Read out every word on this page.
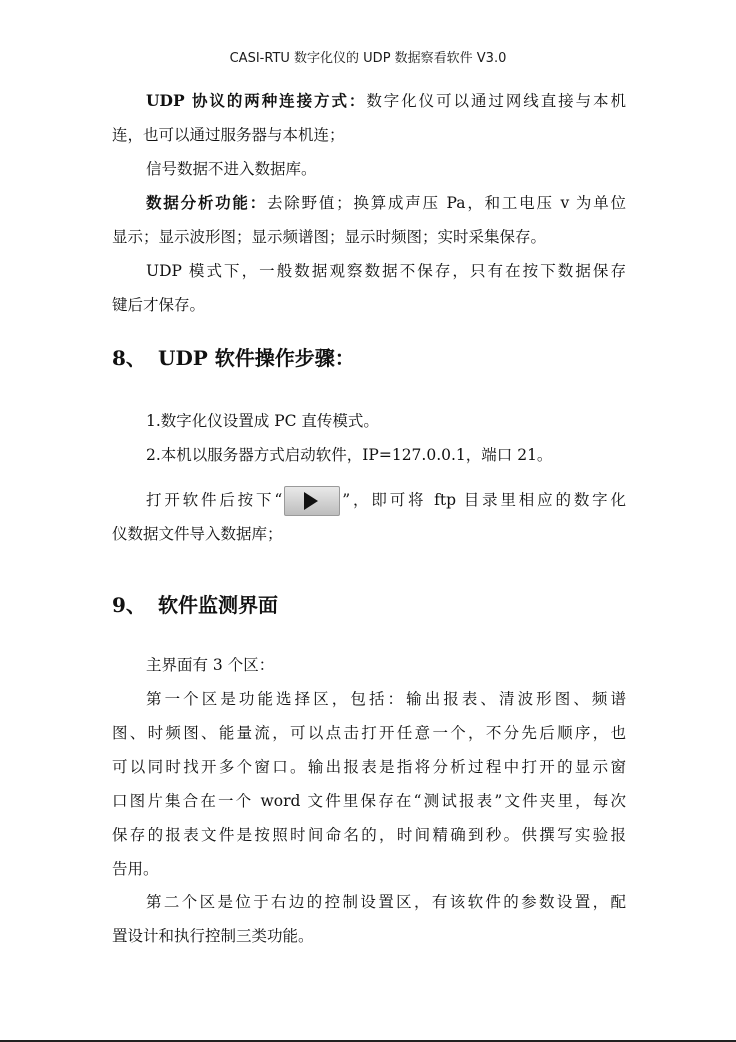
CASI-RTU 数字化仪的 UDP 数据察看软件 V3.0
UDP 协议的两种连接方式：数字化仪可以通过网线直接与本机
连，也可以通过服务器与本机连；
信号数据不进入数据库。
数据分析功能：去除野值；换算成声压 Pa，和工电压 v 为单位
显示；显示波形图；显示频谱图；显示时频图；实时采集保存。
UDP 模式下，一般数据观察数据不保存，只有在按下数据保存
键后才保存。
8、 UDP 软件操作步骤：
1.数字化仪设置成 PC 直传模式。
2.本机以服务器方式启动软件，IP=127.0.0.1，端口 21。
打开软件后按下“	”，即可将 ftp 目录里相应的数字化
仪数据文件导入数据库；
9、 软件监测界面
主界面有 3 个区：
第一个区是功能选择区，包括：输出报表、清波形图、频谱
图、时频图、能量流，可以点击打开任意一个，不分先后顺序，也
可以同时找开多个窗口。输出报表是指将分析过程中打开的显示窗
口图片集合在一个 word 文件里保存在“测试报表”文件夹里，每次
保存的报表文件是按照时间命名的，时间精确到秒。供撰写实验报
告用。
第二个区是位于右边的控制设置区，有该软件的参数设置，配
置设计和执行控制三类功能。
